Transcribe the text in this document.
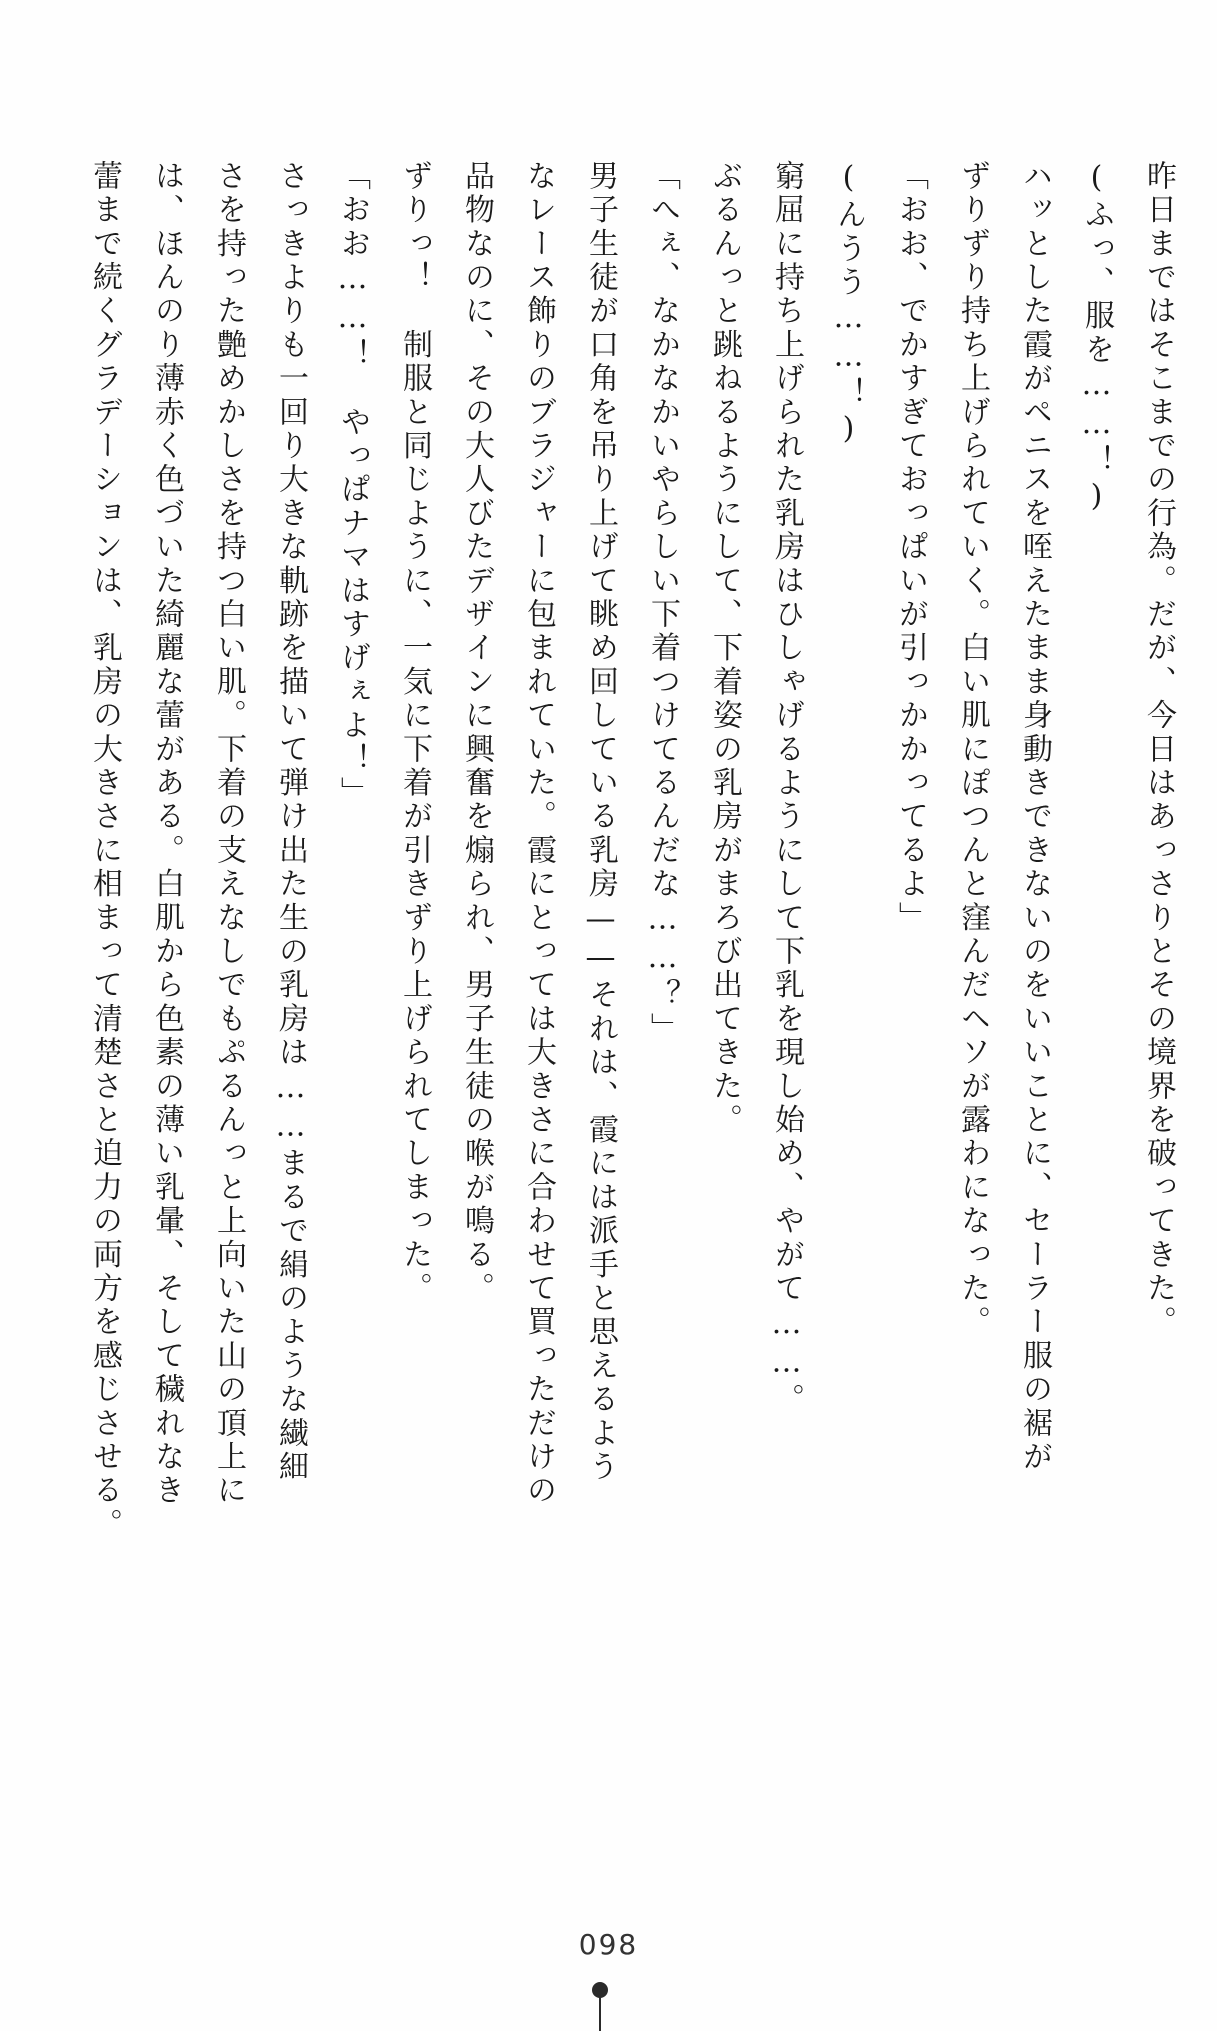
昨日まではそこまでの行為。だが、今日はあっさりとその境界を破ってきた。

(ふっ、服を……！)

ハッとした霞がペニスを咥えたまま身動きできないのをいいことに、セーラー服の裾が

ずりずり持ち上げられていく。白い肌にぽつんと窪んだヘソが露わになった。

「おお、でかすぎておっぱいが引っかかってるよ」

(んうう……！)

窮屈に持ち上げられた乳房はひしゃげるようにして下乳を現し始め、やがて……。

ぶるんっと跳ねるようにして、下着姿の乳房がまろび出てきた。

「へぇ、なかなかいやらしい下着つけてるんだな……？」

男子生徒が口角を吊り上げて眺め回している乳房——それは、霞には派手と思えるよう

なレース飾りのブラジャーに包まれていた。霞にとっては大きさに合わせて買っただけの

品物なのに、その大人びたデザインに興奮を煽られ、男子生徒の喉が鳴る。

ずりっ！　制服と同じように、一気に下着が引きずり上げられてしまった。

「おお……！　やっぱナマはすげぇよ！」

さっきよりも一回り大きな軌跡を描いて弾け出た生の乳房は……まるで絹のような繊細

さを持った艶めかしさを持つ白い肌。下着の支えなしでもぷるんっと上向いた山の頂上に

は、ほんのり薄赤く色づいた綺麗な蕾がある。白肌から色素の薄い乳暈、そして穢れなき

蕾まで続くグラデーションは、乳房の大きさに相まって清楚さと迫力の両方を感じさせる。

098
